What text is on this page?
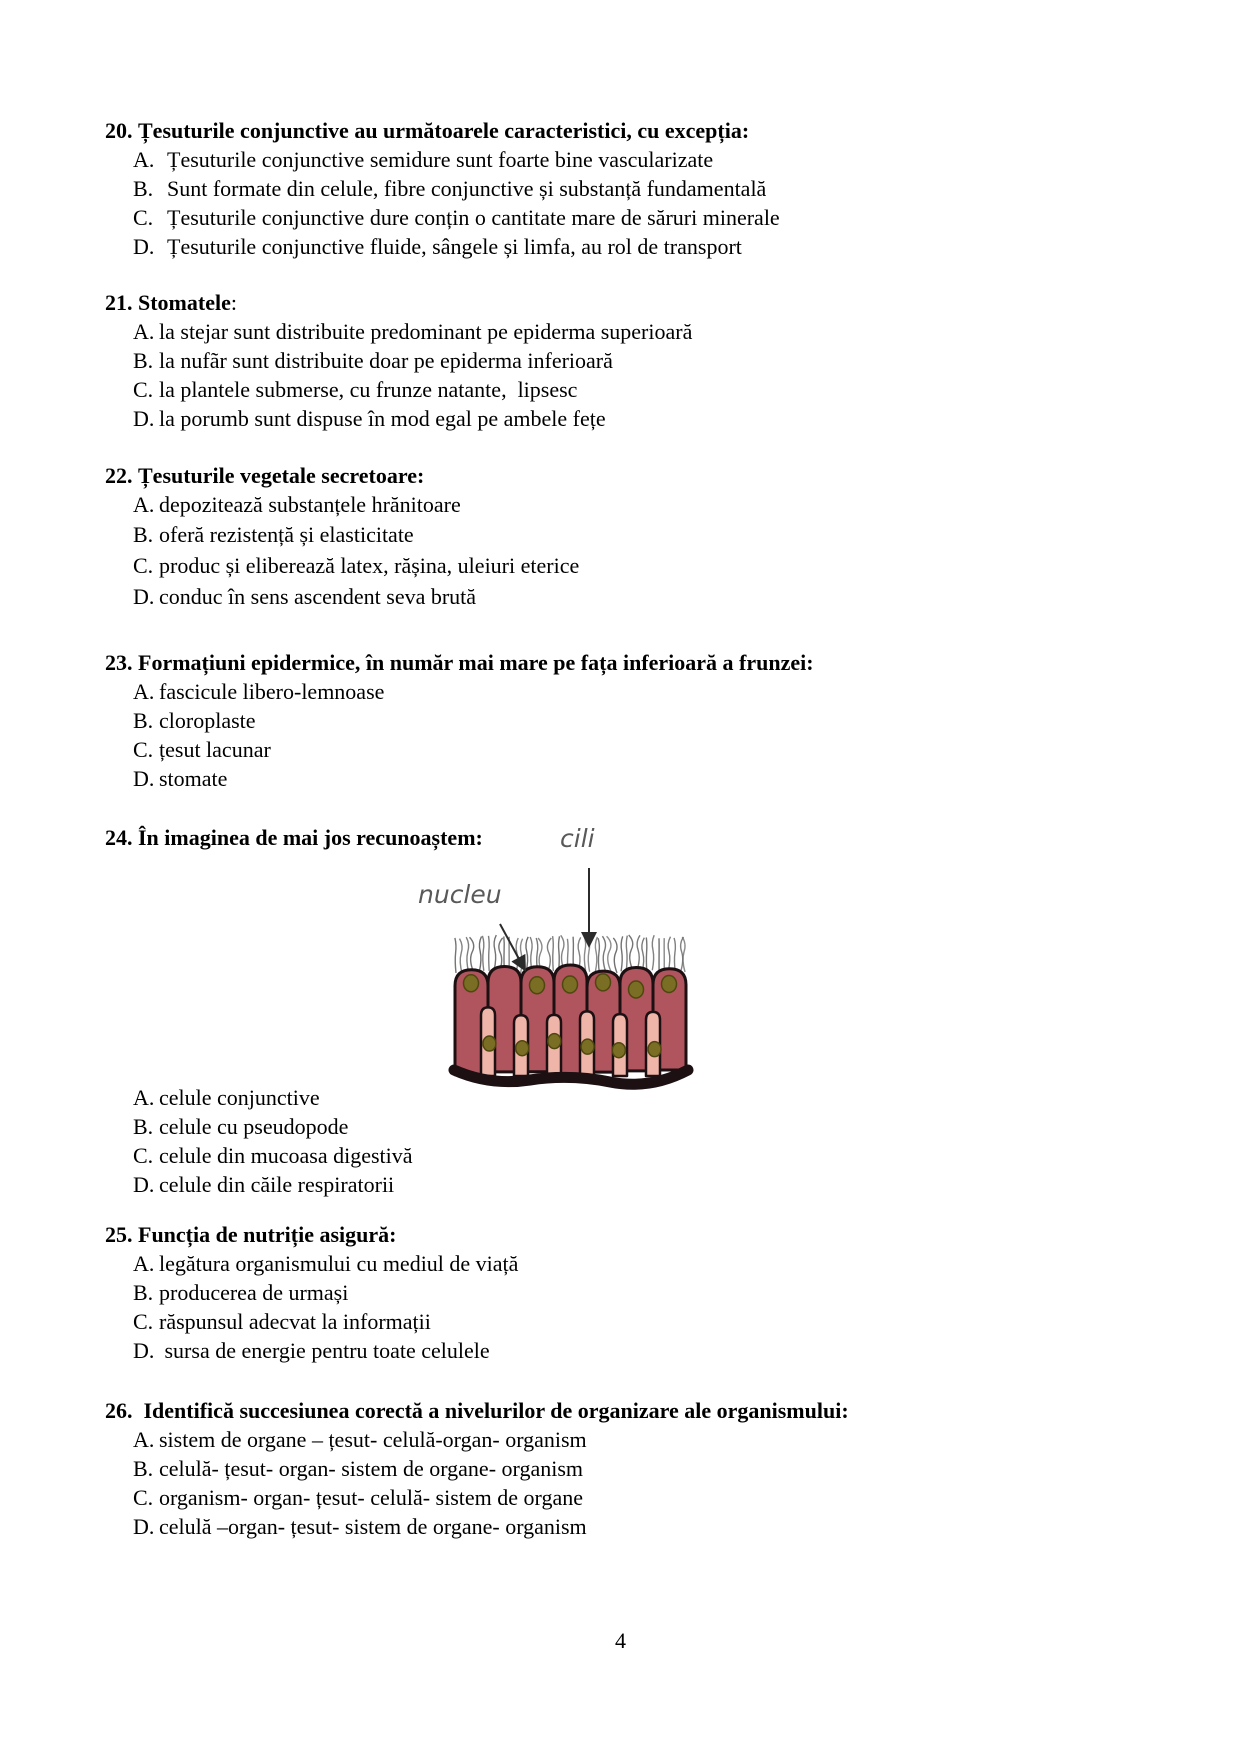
20. Țesuturile conjunctive au următoarele caracteristici, cu excepția:
A. Țesuturile conjunctive semidure sunt foarte bine vascularizate
B. Sunt formate din celule, fibre conjunctive și substanță fundamentală
C. Țesuturile conjunctive dure conțin o cantitate mare de săruri minerale
D. Țesuturile conjunctive fluide, sângele și limfa, au rol de transport
21. Stomatele:
A. la stejar sunt distribuite predominant pe epiderma superioară
B. la nufãr sunt distribuite doar pe epiderma inferioară
C. la plantele submerse, cu frunze natante,  lipsesc
D. la porumb sunt dispuse în mod egal pe ambele fețe
22. Țesuturile vegetale secretoare:
A. depozitează substanțele hrănitoare
B. oferă rezistență și elasticitate
C. produc și eliberează latex, rășina, uleiuri eterice
D. conduc în sens ascendent seva brută
23. Formațiuni epidermice, în număr mai mare pe fața inferioară a frunzei:
A. fascicule libero-lemnoase
B. cloroplaste
C. țesut lacunar
D. stomate
24. În imaginea de mai jos recunoaștem:	cili
nucleu
A. celule conjunctive
B. celule cu pseudopode
C. celule din mucoasa digestivă
D. celule din căile respiratorii
25. Funcția de nutriție asigură:
A. legătura organismului cu mediul de viață
B. producerea de urmași
C. răspunsul adecvat la informații
D. sursa de energie pentru toate celulele
26.  Identifică succesiunea corectă a nivelurilor de organizare ale organismului:
A. sistem de organe – țesut- celulă-organ- organism
B. celulă- țesut- organ- sistem de organe- organism
C. organism- organ- țesut- celulă- sistem de organe
D. celulă –organ- țesut- sistem de organe- organism
4
